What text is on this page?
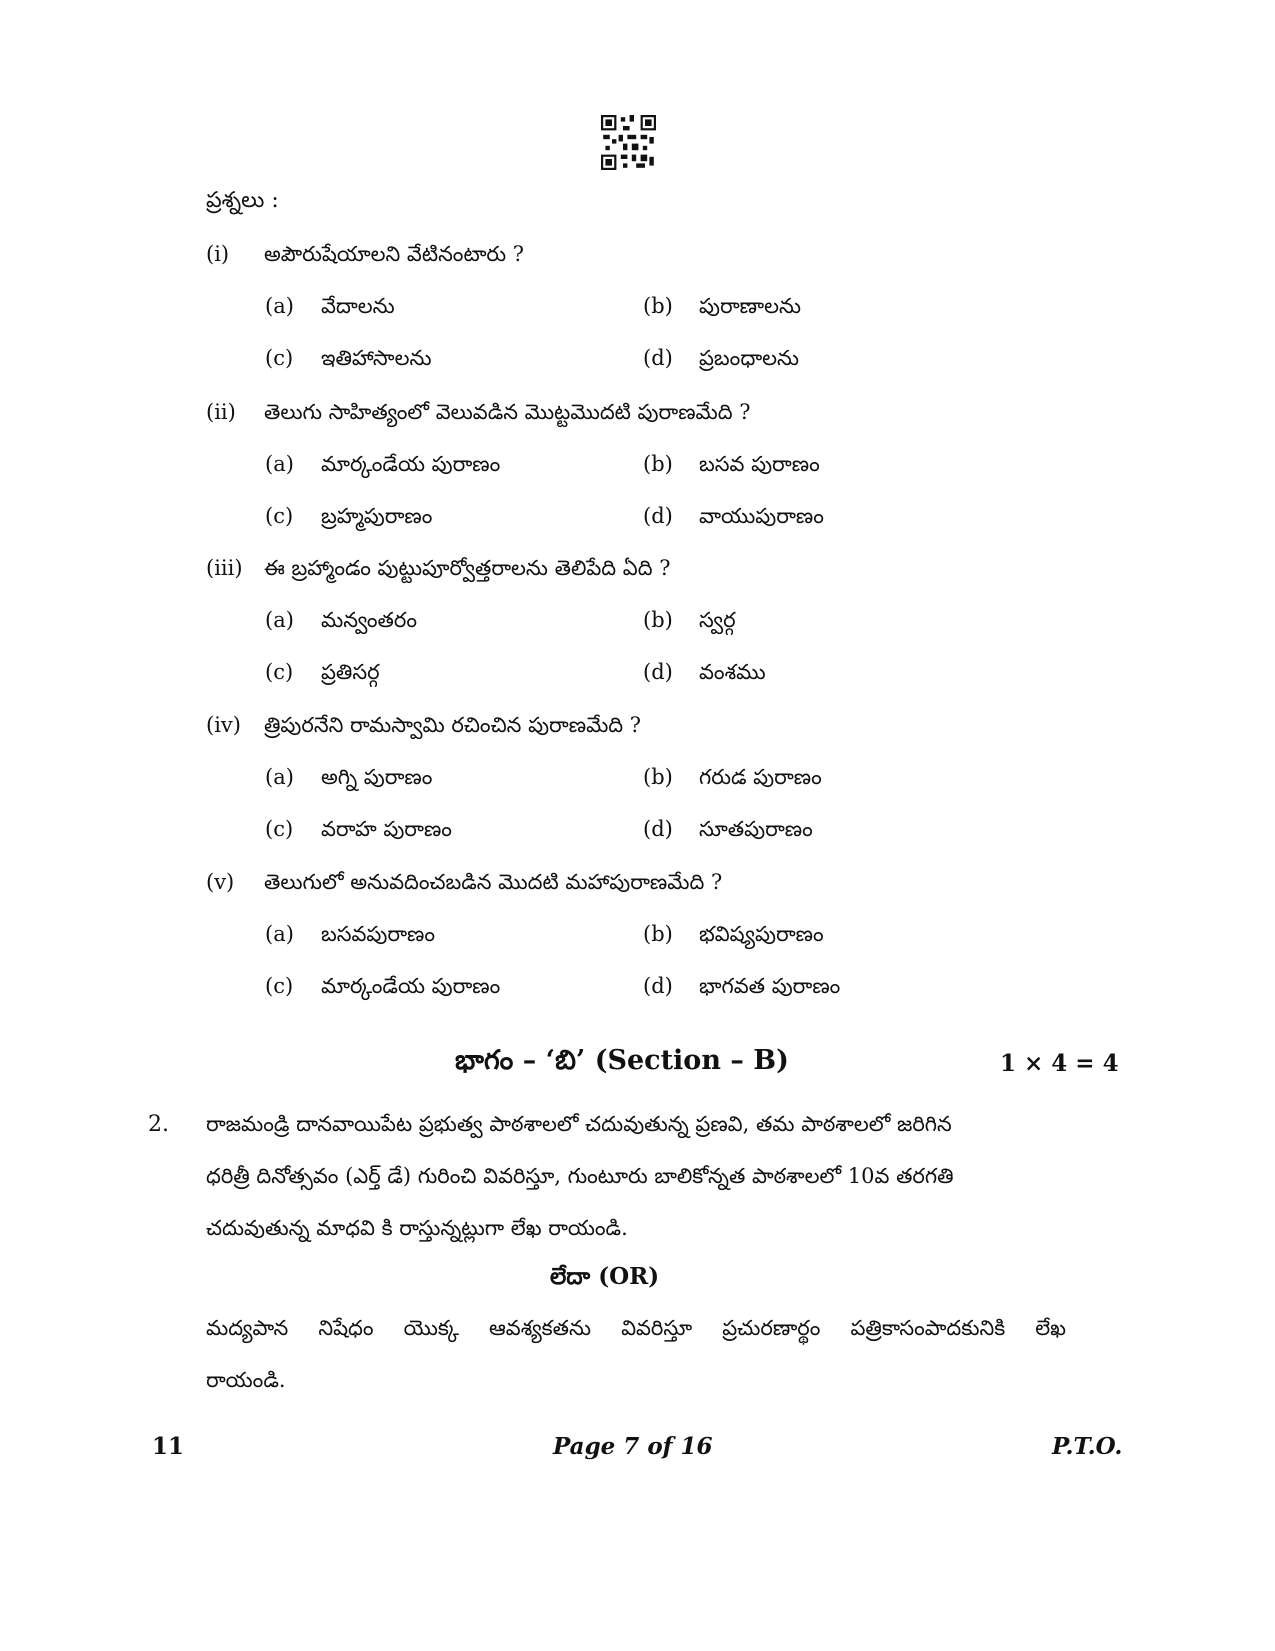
ప్రశ్నలు :
(i) అపౌరుషేయాలని వేటినంటారు ?
(a) వేదాలను	(b) పురాణాలను
(c) ఇతిహాసాలను	(d) ప్రబంధాలను
(ii) తెలుగు సాహిత్యంలో వెలువడిన మొట్టమొదటి పురాణమేది ?
(a) మార్కండేయ పురాణం	(b) బసవ పురాణం
(c) బ్రహ్మపురాణం	(d) వాయుపురాణం
(iii) ఈ బ్రహ్మాండం పుట్టుపూర్వోత్తరాలను తెలిపేది ఏది ?
(a) మన్వంతరం	(b) స్వర్గ
(c) ప్రతిసర్గ	(d) వంశము
(iv) త్రిపురనేని రామస్వామి రచించిన పురాణమేది ?
(a) అగ్ని పురాణం	(b) గరుడ పురాణం
(c) వరాహ పురాణం	(d) సూతపురాణం
(v) తెలుగులో అనువదించబడిన మొదటి మహాపురాణమేది ?
(a) బసవపురాణం	(b) భవిష్యపురాణం
(c) మార్కండేయ పురాణం	(d) భాగవత పురాణం
భాగం – ‘బి’ (Section – B)	1 × 4 = 4
2. రాజమండ్రి దానవాయిపేట ప్రభుత్వ పాఠశాలలో చదువుతున్న ప్రణవి, తమ పాఠశాలలో జరిగిన
ధరిత్రీ దినోత్సవం (ఎర్త్ డే) గురించి వివరిస్తూ, గుంటూరు బాలికోన్నత పాఠశాలలో 10వ తరగతి
చదువుతున్న మాధవి కి రాస్తున్నట్లుగా లేఖ రాయండి.
లేదా (OR)
మద్యపాన నిషేధం యొక్క ఆవశ్యకతను వివరిస్తూ ప్రచురణార్థం పత్రికాసంపాదకునికి లేఖ
రాయండి.
11	Page 7 of 16	P.T.O.
